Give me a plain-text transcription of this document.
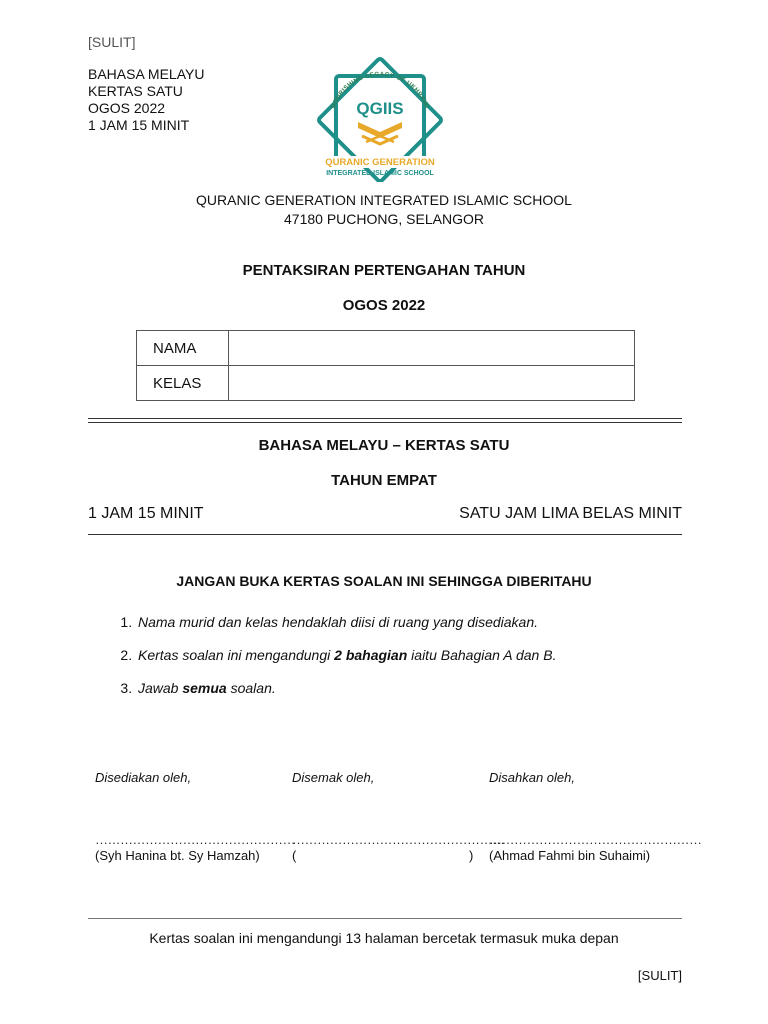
[SULIT]
BAHASA MELAYU
KERTAS SATU
OGOS 2022
1 JAM 15 MINIT
NOURISHING LEGACY OF UKHRAWI
QGIIS
QURANIC GENERATION
INTEGRATED ISLAMIC SCHOOL
QURANIC GENERATION INTEGRATED ISLAMIC SCHOOL
47180 PUCHONG, SELANGOR
PENTAKSIRAN PERTENGAHAN TAHUN
OGOS 2022
NAMA	
KELAS	
BAHASA MELAYU – KERTAS SATU
TAHUN EMPAT
1 JAM 15 MINIT	SATU JAM LIMA BELAS MINIT
JANGAN BUKA KERTAS SOALAN INI SEHINGGA DIBERITAHU
1. Nama murid dan kelas hendaklah diisi di ruang yang disediakan.
2. Kertas soalan ini mengandungi 2 bahagian iaitu Bahagian A dan B.
3. Jawab semua soalan.
Disediakan oleh,	Disemak oleh,	Disahkan oleh,
…………………………………………
……………………………………………
……………………………………………
(Syh Hanina bt. Sy Hamzah) (	) (Ahmad Fahmi bin Suhaimi)
Kertas soalan ini mengandungi 13 halaman bercetak termasuk muka depan
[SULIT]
